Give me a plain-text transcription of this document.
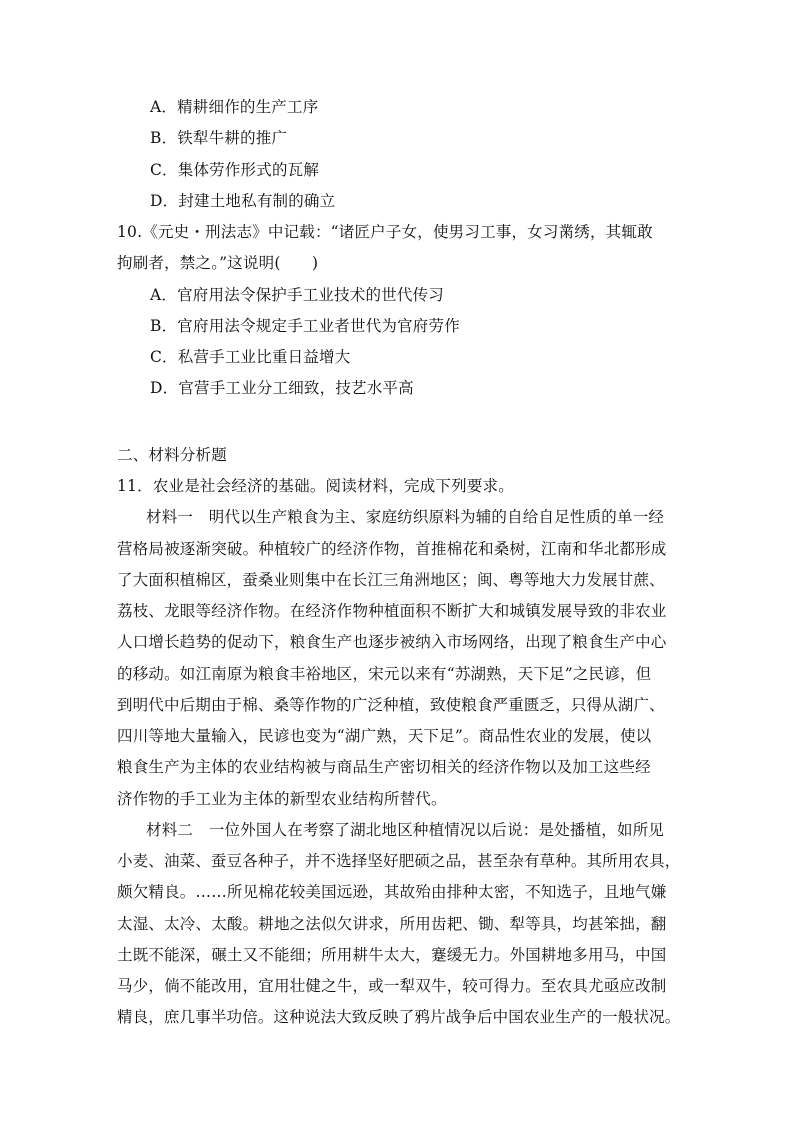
A．精耕细作的生产工序
B．铁犁牛耕的推广
C．集体劳作形式的瓦解
D．封建土地私有制的确立
10.《元史・刑法志》中记载：“诸匠户子女，使男习工事，女习黹绣，其辄敢
拘刷者，禁之。”这说明(　　)
A．官府用法令保护手工业技术的世代传习
B．官府用法令规定手工业者世代为官府劳作
C．私营手工业比重日益增大
D．官营手工业分工细致，技艺水平高
二、材料分析题
11．农业是社会经济的基础。阅读材料，完成下列要求。
材料一　明代以生产粮食为主、家庭纺织原料为辅的自给自足性质的单一经
营格局被逐渐突破。种植较广的经济作物，首推棉花和桑树，江南和华北都形成
了大面积植棉区，蚕桑业则集中在长江三角洲地区；闽、粤等地大力发展甘蔗、
荔枝、龙眼等经济作物。在经济作物种植面积不断扩大和城镇发展导致的非农业
人口增长趋势的促动下，粮食生产也逐步被纳入市场网络，出现了粮食生产中心
的移动。如江南原为粮食丰裕地区，宋元以来有“苏湖熟，天下足”之民谚，但
到明代中后期由于棉、桑等作物的广泛种植，致使粮食严重匮乏，只得从湖广、
四川等地大量输入，民谚也变为“湖广熟，天下足”。商品性农业的发展，使以
粮食生产为主体的农业结构被与商品生产密切相关的经济作物以及加工这些经
济作物的手工业为主体的新型农业结构所替代。
材料二　一位外国人在考察了湖北地区种植情况以后说：是处播植，如所见
小麦、油菜、蚕豆各种子，并不选择坚好肥硕之品，甚至杂有草种。其所用农具，
颇欠精良。……所见棉花较美国远逊，其故殆由排种太密，不知选子，且地气嫌
太湿、太冷、太酸。耕地之法似欠讲求，所用齿耙、锄、犁等具，均甚笨拙，翻
土既不能深，碾土又不能细；所用耕牛太大，蹇缓无力。外国耕地多用马，中国
马少，倘不能改用，宜用壮健之牛，或一犁双牛，较可得力。至农具尤亟应改制
精良，庶几事半功倍。这种说法大致反映了鸦片战争后中国农业生产的一般状况。
